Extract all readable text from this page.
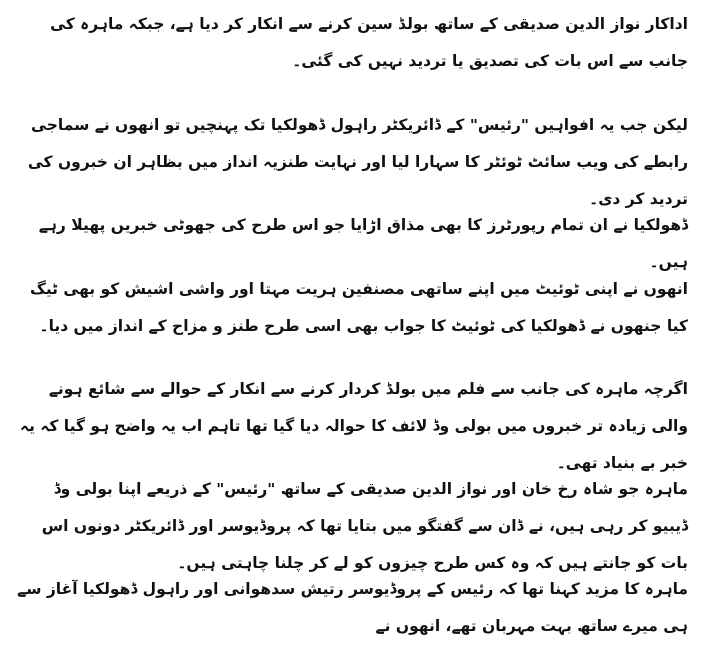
اداکار نواز الدین صدیقی کے ساتھ بولڈ سین کرنے سے انکار کر دیا ہے، جبکہ ماہرہ کی جانب سے اس بات کی تصدیق یا تردید نہیں کی گئی۔

لیکن جب یہ افواہیں "رئیس" کے ڈائریکٹر راہول ڈھولکیا تک پہنچیں تو انھوں نے سماجی رابطے کی ویب سائٹ ٹوئٹر کا سہارا لیا اور نہایت طنزیہ انداز میں بظاہر ان خبروں کی تردید کر دی۔

ڈھولکیا نے ان تمام رپورٹرز کا بھی مذاق اڑایا جو اس طرح کی جھوٹی خبریں پھیلا رہے ہیں۔

انھوں نے اپنی ٹوئیٹ میں اپنے ساتھی مصنفین ہریت مہتا اور واشی اشیش کو بھی ٹیگ کیا جنھوں نے ڈھولکیا کی ٹوئیٹ کا جواب بھی اسی طرح طنز و مزاح کے انداز میں دیا۔

اگرچہ ماہرہ کی جانب سے فلم میں بولڈ کردار کرنے سے انکار کے حوالے سے شائع ہونے والی زیادہ تر خبروں میں بولی وڈ لائف کا حوالہ دیا گیا تھا تاہم اب یہ واضح ہو گیا کہ یہ خبر بے بنیاد تھی۔

ماہرہ جو شاہ رخ خان اور نواز الدین صدیقی کے ساتھ "رئیس" کے ذریعے اپنا بولی وڈ ڈیبیو کر رہی ہیں، نے ڈان سے گفتگو میں بتایا تھا کہ پروڈیوسر اور ڈائریکٹر دونوں اس بات کو جانتے ہیں کہ وہ کس طرح چیزوں کو لے کر چلنا چاہتی ہیں۔

ماہرہ کا مزید کہنا تھا کہ رئیس کے پروڈیوسر رتیش سدھوانی اور راہول ڈھولکیا آغاز سے ہی میرے ساتھ بہت مہربان تھے، انھوں نے
